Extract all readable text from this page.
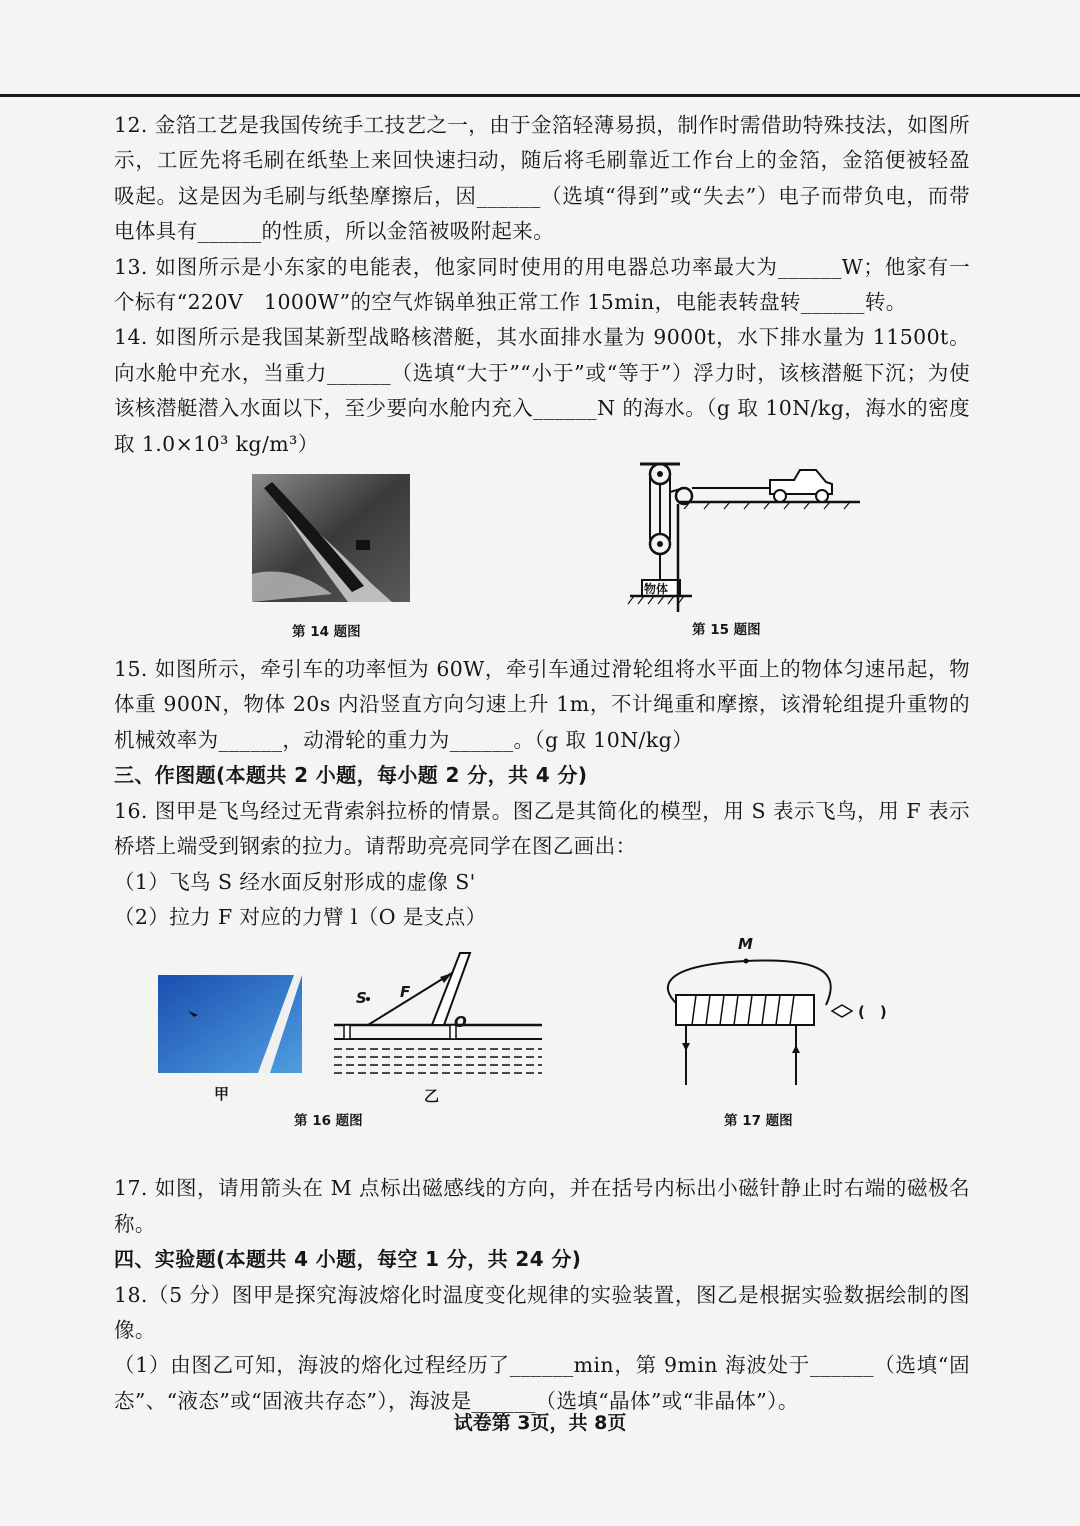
12. 金箔工艺是我国传统手工技艺之一，由于金箔轻薄易损，制作时需借助特殊技法，如图所示，工匠先将毛刷在纸垫上来回快速扫动，随后将毛刷靠近工作台上的金箔，金箔便被轻盈吸起。这是因为毛刷与纸垫摩擦后，因______（选填“得到”或“失去”）电子而带负电，而带电体具有______的性质，所以金箔被吸附起来。

13. 如图所示是小东家的电能表，他家同时使用的用电器总功率最大为______W；他家有一个标有“220V　1000W”的空气炸锅单独正常工作 15min，电能表转盘转______转。

14. 如图所示是我国某新型战略核潜艇，其水面排水量为 9000t，水下排水量为 11500t。向水舱中充水，当重力______（选填“大于”“小于”或“等于”）浮力时，该核潜艇下沉；为使该核潜艇潜入水面以下，至少要向水舱内充入______N 的海水。（g 取 10N/kg，海水的密度取 1.0×10³ kg/m³）

第 14 题图
物体
第 15 题图

15. 如图所示，牵引车的功率恒为 60W，牵引车通过滑轮组将水平面上的物体匀速吊起，物体重 900N，物体 20s 内沿竖直方向匀速上升 1m，不计绳重和摩擦，该滑轮组提升重物的机械效率为______，动滑轮的重力为______。（g 取 10N/kg）

三、作图题(本题共 2 小题，每小题 2 分，共 4 分)

16. 图甲是飞鸟经过无背索斜拉桥的情景。图乙是其简化的模型，用 S 表示飞鸟，用 F 表示桥塔上端受到钢索的拉力。请帮助亮亮同学在图乙画出：

（1）飞鸟 S 经水面反射形成的虚像 S'

（2）拉力 F 对应的力臂 l（O 是支点）

S F
O
甲	乙
第 16 题图
M
(　)
第 17 题图

17. 如图，请用箭头在 M 点标出磁感线的方向，并在括号内标出小磁针静止时右端的磁极名称。

四、实验题(本题共 4 小题，每空 1 分，共 24 分)

18.（5 分）图甲是探究海波熔化时温度变化规律的实验装置，图乙是根据实验数据绘制的图像。

（1）由图乙可知，海波的熔化过程经历了______min，第 9min 海波处于______（选填“固态”、“液态”或“固液共存态”），海波是______（选填“晶体”或“非晶体”）。

试卷第 3页，共 8页
